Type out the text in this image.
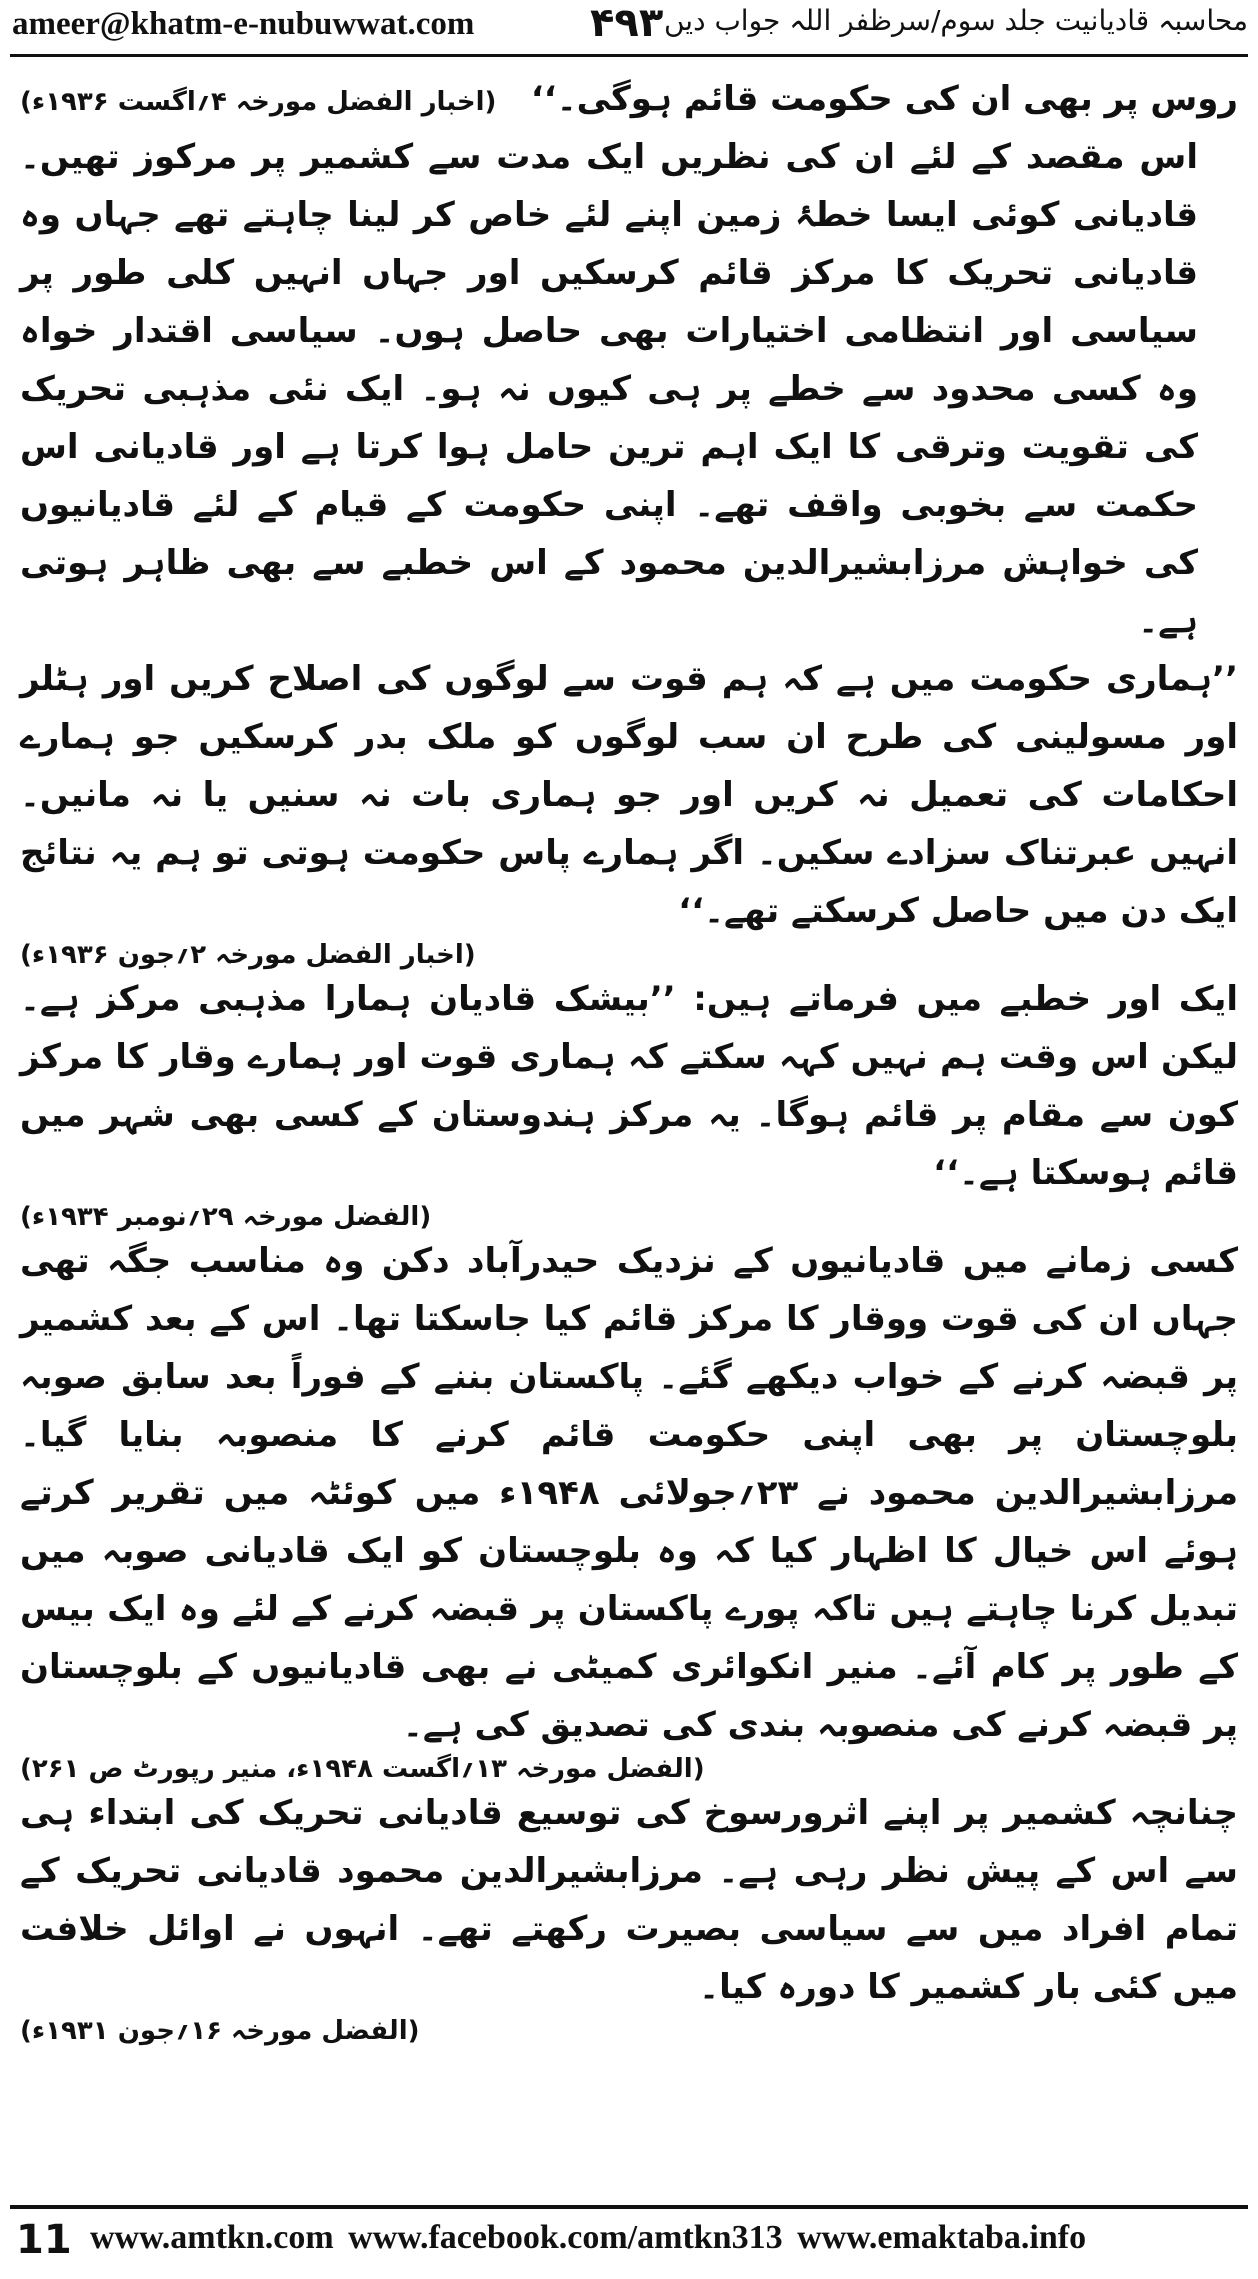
ameer@khatm-e-nubuwwat.com	۴۹۳ محاسبہ قادیانیت جلد سوم/سرظفر اللہ جواب دیں
روس پر بھی ان کی حکومت قائم ہوگی۔‘‘
(اخبار الفضل مورخہ ۴؍اگست ۱۹۳۶ء)

اس مقصد کے لئے ان کی نظریں ایک مدت سے کشمیر پر مرکوز تھیں۔ قادیانی کوئی ایسا خطۂ زمین اپنے لئے خاص کر لینا چاہتے تھے جہاں وہ قادیانی تحریک کا مرکز قائم کرسکیں اور جہاں انہیں کلی طور پر سیاسی اور انتظامی اختیارات بھی حاصل ہوں۔ سیاسی اقتدار خواہ وہ کسی محدود سے خطے پر ہی کیوں نہ ہو۔ ایک نئی مذہبی تحریک کی تقویت وترقی کا ایک اہم ترین حامل ہوا کرتا ہے اور قادیانی اس حکمت سے بخوبی واقف تھے۔ اپنی حکومت کے قیام کے لئے قادیانیوں کی خواہش مرزابشیرالدین محمود کے اس خطبے سے بھی ظاہر ہوتی ہے۔

’’ہماری حکومت میں ہے کہ ہم قوت سے لوگوں کی اصلاح کریں اور ہٹلر اور مسولینی کی طرح ان سب لوگوں کو ملک بدر کرسکیں جو ہمارے احکامات کی تعمیل نہ کریں اور جو ہماری بات نہ سنیں یا نہ مانیں۔ انہیں عبرتناک سزادے سکیں۔ اگر ہمارے پاس حکومت ہوتی تو ہم یہ نتائج ایک دن میں حاصل کرسکتے تھے۔‘‘

(اخبار الفضل مورخہ ۲؍جون ۱۹۳۶ء)

ایک اور خطبے میں فرماتے ہیں: ’’بیشک قادیان ہمارا مذہبی مرکز ہے۔ لیکن اس وقت ہم نہیں کہہ سکتے کہ ہماری قوت اور ہمارے وقار کا مرکز کون سے مقام پر قائم ہوگا۔ یہ مرکز ہندوستان کے کسی بھی شہر میں قائم ہوسکتا ہے۔‘‘

(الفضل مورخہ ۲۹؍نومبر ۱۹۳۴ء)

کسی زمانے میں قادیانیوں کے نزدیک حیدرآباد دکن وہ مناسب جگہ تھی جہاں ان کی قوت ووقار کا مرکز قائم کیا جاسکتا تھا۔ اس کے بعد کشمیر پر قبضہ کرنے کے خواب دیکھے گئے۔ پاکستان بننے کے فوراً بعد سابق صوبہ بلوچستان پر بھی اپنی حکومت قائم کرنے کا منصوبہ بنایا گیا۔ مرزابشیرالدین محمود نے ۲۳؍جولائی ۱۹۴۸ء میں کوئٹہ میں تقریر کرتے ہوئے اس خیال کا اظہار کیا کہ وہ بلوچستان کو ایک قادیانی صوبہ میں تبدیل کرنا چاہتے ہیں تاکہ پورے پاکستان پر قبضہ کرنے کے لئے وہ ایک بیس کے طور پر کام آئے۔ منیر انکوائری کمیٹی نے بھی قادیانیوں کے بلوچستان پر قبضہ کرنے کی منصوبہ بندی کی تصدیق کی ہے۔

(الفضل مورخہ ۱۳؍اگست ۱۹۴۸ء، منیر رپورٹ ص ۲۶۱)

چنانچہ کشمیر پر اپنے اثرورسوخ کی توسیع قادیانی تحریک کی ابتداء ہی سے اس کے پیش نظر رہی ہے۔ مرزابشیرالدین محمود قادیانی تحریک کے تمام افراد میں سے سیاسی بصیرت رکھتے تھے۔ انہوں نے اوائل خلافت میں کئی بار کشمیر کا دورہ کیا۔

(الفضل مورخہ ۱۶؍جون ۱۹۳۱ء)
11 www.amtkn.com www.facebook.com/amtkn313 www.emaktaba.info
